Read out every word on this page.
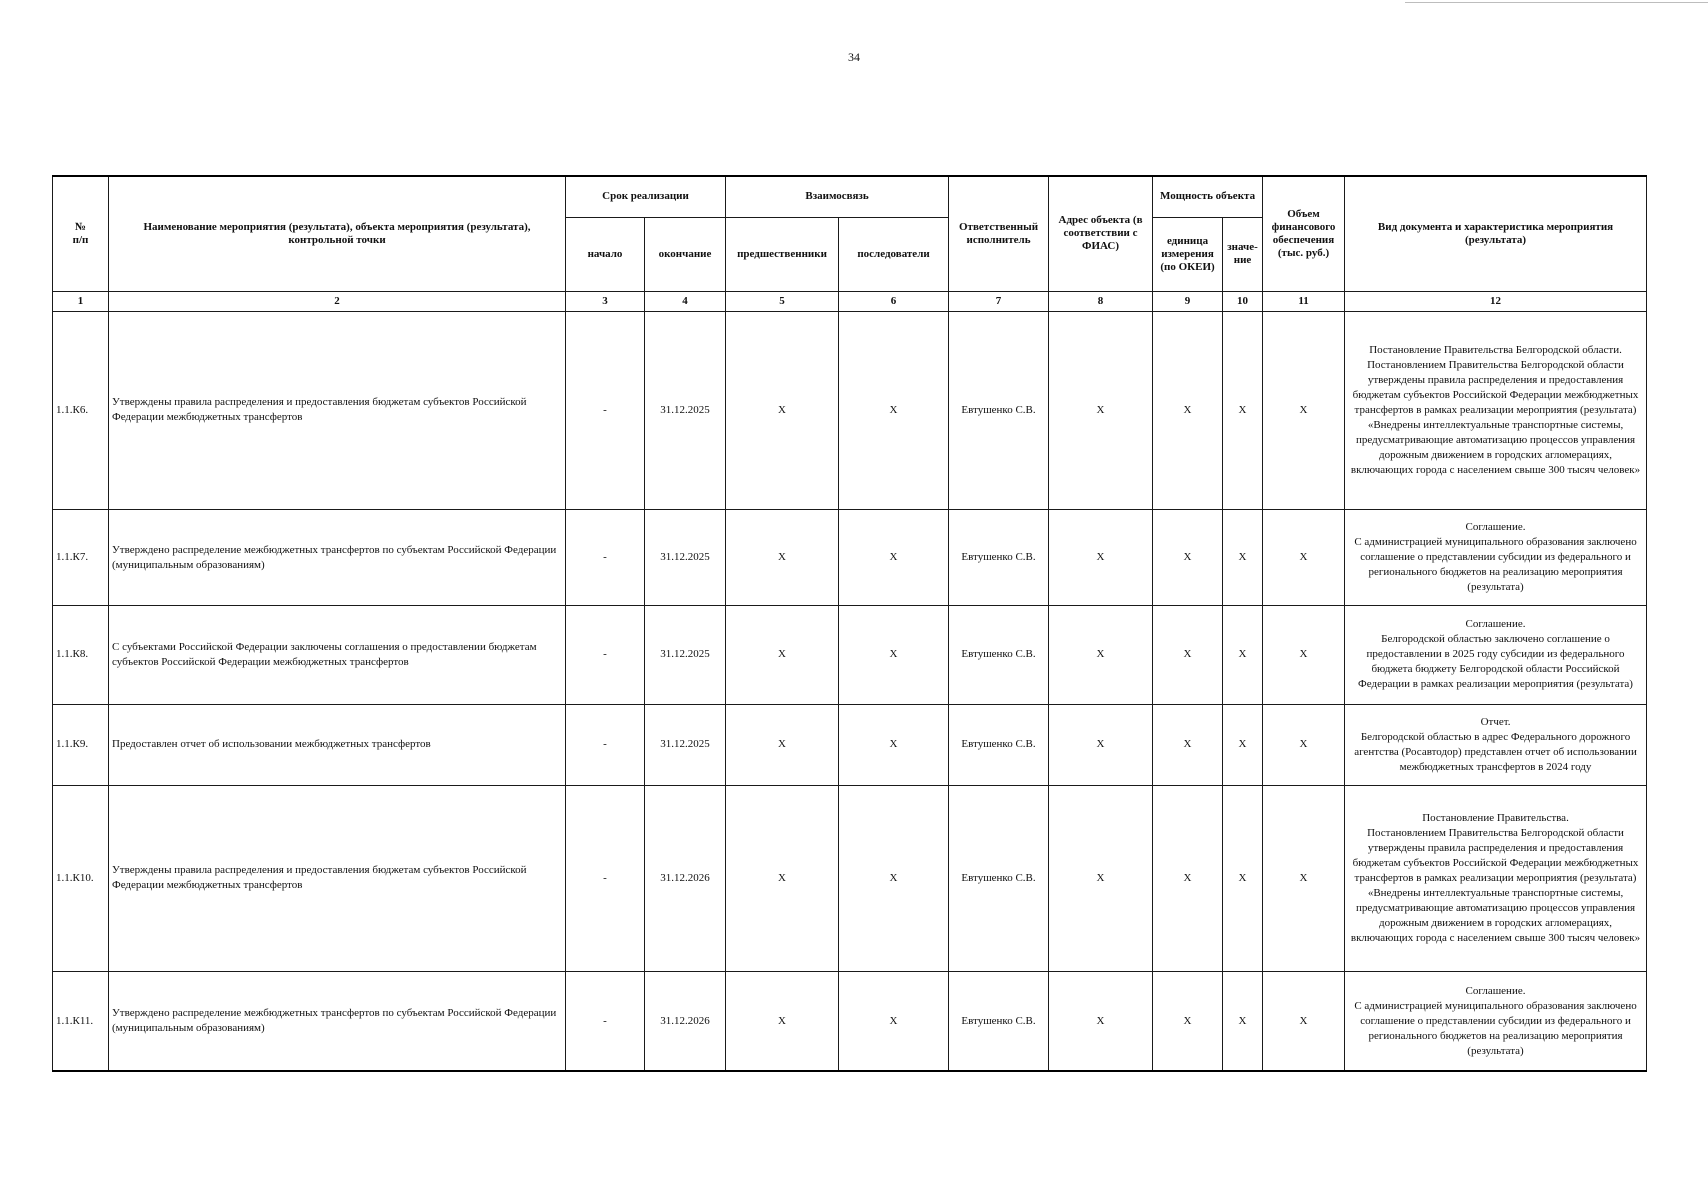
34
№
п/п	Наименование мероприятия (результата), объекта мероприятия (результата), контрольной точки	Срок реализации		Взаимосвязь		Ответственный исполнитель	Адрес объекта (в соответствии с ФИАС)	Мощность объекта		Объем финансового обеспечения (тыс. руб.)	Вид документа и характеристика мероприятия (результата)
		начало	окончание	предшественники	последователи			единица измерения (по ОКЕИ)	значе-ние		
1	2	3	4	5	6	7	8	9	10	11	12
1.1.К6.	Утверждены правила распределения и предоставления бюджетам субъектов Российской Федерации межбюджетных трансфертов	-	31.12.2025	X	X	Евтушенко С.В.	X	X	X	X	Постановление Правительства Белгородской области.
Постановлением Правительства Белгородской области утверждены правила распределения и предоставления бюджетам субъектов Российской Федерации межбюджетных трансфертов в рамках реализации мероприятия (результата) «Внедрены интеллектуальные транспортные системы, предусматривающие автоматизацию процессов управления дорожным движением в городских агломерациях, включающих города с населением свыше 300 тысяч человек»
1.1.К7.	Утверждено распределение межбюджетных трансфертов по субъектам Российской Федерации (муниципальным образованиям)	-	31.12.2025	X	X	Евтушенко С.В.	X	X	X	X	Соглашение.
С администрацией муниципального образования заключено соглашение о представлении субсидии из федерального и регионального бюджетов на реализацию мероприятия (результата)
1.1.К8.	С субъектами Российской Федерации заключены соглашения о предоставлении бюджетам субъектов Российской Федерации межбюджетных трансфертов	-	31.12.2025	X	X	Евтушенко С.В.	X	X	X	X	Соглашение.
Белгородской областью заключено соглашение о предоставлении в 2025 году субсидии из федерального бюджета бюджету Белгородской области Российской Федерации в рамках реализации мероприятия (результата)
1.1.К9.	Предоставлен отчет об использовании межбюджетных трансфертов	-	31.12.2025	X	X	Евтушенко С.В.	X	X	X	X	Отчет.
Белгородской областью в адрес Федерального дорожного агентства (Росавтодор) представлен отчет об использовании межбюджетных трансфертов в 2024 году
1.1.К10.	Утверждены правила распределения и предоставления бюджетам субъектов Российской Федерации межбюджетных трансфертов	-	31.12.2026	X	X	Евтушенко С.В.	X	X	X	X	Постановление Правительства.
Постановлением Правительства Белгородской области утверждены правила распределения и предоставления бюджетам субъектов Российской Федерации межбюджетных трансфертов в рамках реализации мероприятия (результата) «Внедрены интеллектуальные транспортные системы, предусматривающие автоматизацию процессов управления дорожным движением в городских агломерациях, включающих города с населением свыше 300 тысяч человек»
1.1.К11.	Утверждено распределение межбюджетных трансфертов по субъектам Российской Федерации (муниципальным образованиям)	-	31.12.2026	X	X	Евтушенко С.В.	X	X	X	X	Соглашение.
С администрацией муниципального образования заключено соглашение о представлении субсидии из федерального и регионального бюджетов на реализацию мероприятия (результата)
